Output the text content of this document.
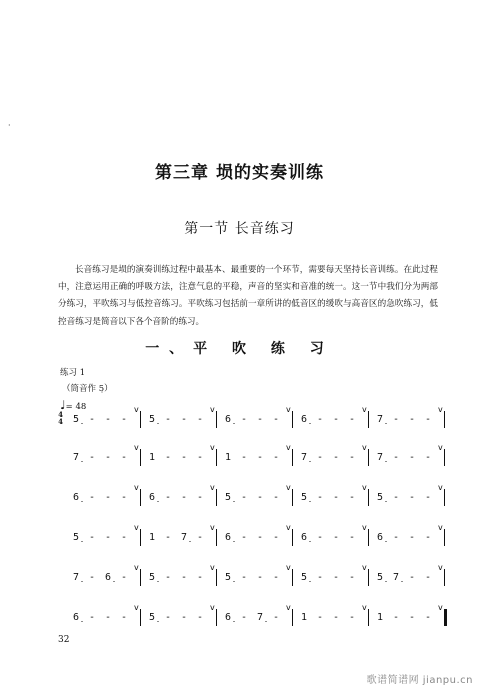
·
第三章 埙的实奏训练
第一节 长音练习

长音练习是埙的演奏训练过程中最基本、最重要的一个环节，需要每天坚持长音训练。在此过程中，注意运用正确的呼吸方法，注意气息的平稳，声音的坚实和音准的统一。这一节中我们分为两部分练习，平吹练习与低控音练习。平吹练习包括前一章所讲的低音区的缓吹与高音区的急吹练习，低控音练习是简音以下各个音阶的练习。

一、平 吹 练 习
练习 1
（筒音作 5̣）
♩= 48
4
4 5̣ - - -
v
5̣ - - -
v
6̣ - - -
v
6̣ - - -
v
7̣ - - -
v
7̣ - - -
v
1 - - -
v
1 - - -
v
7̣ - - -
v
7̣ - - -
v
6̣ - - -
v
6̣ - - -
v
5̣ - - -
v
5̣ - - -
v
5̣ - - -
v
5̣ - - -
v
1 - 7̣ -
v
6̣ - - -
v
6̣ - - -
v
6̣ - - -
v
7̣ - 6̣ -
v
5̣ - - -
v
5̣ - - -
v
5̣ - - -
v
5̣ 7̣ - -
v
6̣ - - -
v
5̣ - - -
v
6̣ - 7̣ -
v
1 - - -
v
1 - - -
v
32
歌谱简谱网 jianpu.cn
